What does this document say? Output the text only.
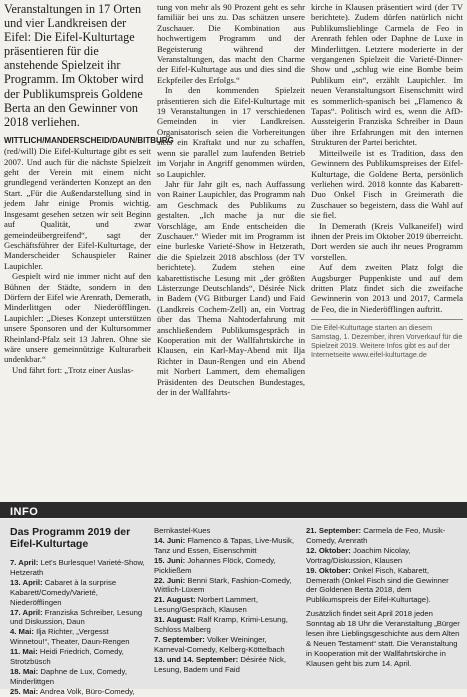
Veranstaltungen in 17 Orten und vier Landkreisen der Eifel: Die Eifel-Kulturtage präsentieren für die anstehende Spielzeit ihr Programm. Im Oktober wird der Publikumspreis Goldene Berta an den Gewinner von 2018 verliehen.

WITTLICH/MANDERSCHEID/DAUN/BITBURG (red/will) Die Eifel-Kulturtage gibt es seit 2007. Und auch für die nächste Spielzeit geht der Verein mit einem nicht grundlegend veränderten Konzept an den Start. „Für die Außendarstellung sind in jedem Jahr einige Promis wichtig. Insgesamt gesehen setzen wir seit Beginn auf Qualität, und zwar gemeindeübergreifend“, sagt der Geschäftsführer der Eifel-Kulturtage, der Manderscheider Schauspieler Rainer Laupichler.

Gespielt wird nie immer nicht auf den Bühnen der Städte, sondern in den Dörfern der Eifel wie Arenrath, Demerath, Minderlittgen oder Niederöfflingen. Laupichler: „Dieses Konzept unterstützen unsere Sponsoren und der Kultursommer Rheinland-Pfalz seit 13 Jahren. Ohne sie wäre unsere gemeinnützige Kulturarbeit undenkbar.“

Und fährt fort: „Trotz einer Auslas-

tung von mehr als 90 Prozent geht es sehr familiär bei uns zu. Das schätzen unsere Zuschauer. Die Kombination aus hochwertigem Programm und der Begeisterung während der Veranstaltungen, das macht den Charme der Eifel-Kulturtage aus und dies sind die Eckpfeiler des Erfolgs.“

In den kommenden Spielzeit präsentieren sich die Eifel-Kulturtage mit 19 Veranstaltungen in 17 verschiedenen Gemeinden in vier Landkreisen. Organisatorisch seien die Vorbereitungen stets ein Kraftakt und nur zu schaffen, wenn sie parallel zum laufenden Betrieb im Vorjahr in Angriff genommen würden, so Laupichler.

Jahr für Jahr gilt es, nach Auffassung von Rainer Laupichler, das Programm nah am Geschmack des Publikums zu gestalten. „Ich mache ja nur die Vorschläge, am Ende entscheiden die Zuschauer.“ Wieder mit im Programm ist eine burleske Varieté-Show in Hetzerath, die die Spielzeit 2018 abschloss (der TV berichtete). Zudem stehen eine kabarettistische Lesung mit „der größten Lästerzunge Deutschlands“, Désirée Nick in Badem (VG Bitburger Land) und Faid (Landkreis Cochem-Zell) an, ein Vortrag über das Thema Nahtoderfahrung mit anschließendem Publikumsgespräch in Kooperation mit der Wallfahrtskirche in Klausen, ein Karl-May-Abend mit Ilja Richter in Daun-Rengen und ein Abend mit Norbert Lammert, dem ehemaligen Präsidenten des Deutschen Bundestages, der in der Wallfahrts-

kirche in Klausen präsentiert wird (der TV berichtete). Zudem dürfen natürlich nicht Publikumslieblinge Carmela de Feo in Arenrath fehlen oder Daphne de Luxe in Minderlittgen. Letztere moderierte in der vergangenen Spielzeit die Varieté-Dinner-Show und „schlug wie eine Bombe beim Publikum ein“, erzählt Laupichler. Im neuen Veranstaltungsort Eisenschmitt wird es sommerlich-spanisch bei „Flamenco & Tapas“. Politisch wird es, wenn die AfD-Aussteigerin Franziska Schreiber in Daun über ihre Erfahrungen mit den internen Strukturen der Partei berichtet.

Mitteilweile ist es Tradition, dass den Gewinnern des Publikumspreises der Eifel-Kulturtage, die Goldene Berta, persönlich verliehen wird. 2018 konnte das Kabarett-Duo Onkel Fisch in Greimerath die Zuschauer so begeistern, dass die Wahl auf sie fiel.

In Demerath (Kreis Vulkaneifel) wird ihnen der Preis im Oktober 2019 überreicht. Dort werden sie auch ihr neues Programm vorstellen.

Auf dem zweiten Platz folgt die Augsburger Puppenkiste und auf dem dritten Platz findet sich die zweifache Gewinnerin von 2013 und 2017, Carmela de Feo, die in Niederöfflingen auftritt.

Die Eifel-Kulturtage starten an diesem Samstag, 1. Dezember, ihren Vorverkauf für die Spielzeit 2019. Weitere Infos gibt es auf der Internetseite www.eifel-kulturtage.de

INFO
Das Programm 2019 der Eifel-Kulturtage
7. April: Let's Burlesque! Varieté-Show, Hetzerath
13. April: Cabaret à la surprise Kabarett/Comedy/Varieté, Niederöfflingen
17. April: Franziska Schreiber, Lesung und Diskussion, Daun
4. Mai: Ilja Richter, „Vergesst Winnetou!“, Theater, Daun-Rengen
11. Mai: Heidi Friedrich, Comedy, Strotzbüsch
18. Mai: Daphne de Lux, Comedy, Minderlittgen
25. Mai: Andrea Volk, Büro-Comedy,
Bernkastel-Kues
14. Juni: Flamenco & Tapas, Live-Musik, Tanz und Essen, Eisenschmitt
15. Juni: Johannes Flöck, Comedy, Pickließem
22. Juni: Benni Stark, Fashion-Comedy, Wittlich-Lüxem
21. August: Norbert Lammert, Lesung/Gespräch, Klausen
31. August: Ralf Kramp, Krimi-Lesung, Schloss Malberg
7. September: Volker Weininger, Karneval-Comedy, Kelberg-Köttelbach
13. und 14. September: Désirée Nick, Lesung, Badem und Faid
21. September: Carmela de Feo, Musik-Comedy, Arenrath
12. Oktober: Joachim Nicolay, Vortrag/Diskussion, Klausen
19. Oktober: Onkel Fisch, Kabarett, Demerath (Onkel Fisch sind die Gewinner der Goldenen Berta 2018, dem Publikumspreis der Eifel-Kulturtage).
Zusätzlich findet seit April 2018 jeden Sonntag ab 18 Uhr die Veranstaltung „Bürger lesen ihre Lieblingsgeschichte aus dem Alten & Neuen Testament“ statt. Die Veranstaltung in Kooperation mit der Wallfahrtskirche in Klausen geht bis zum 14. April.
